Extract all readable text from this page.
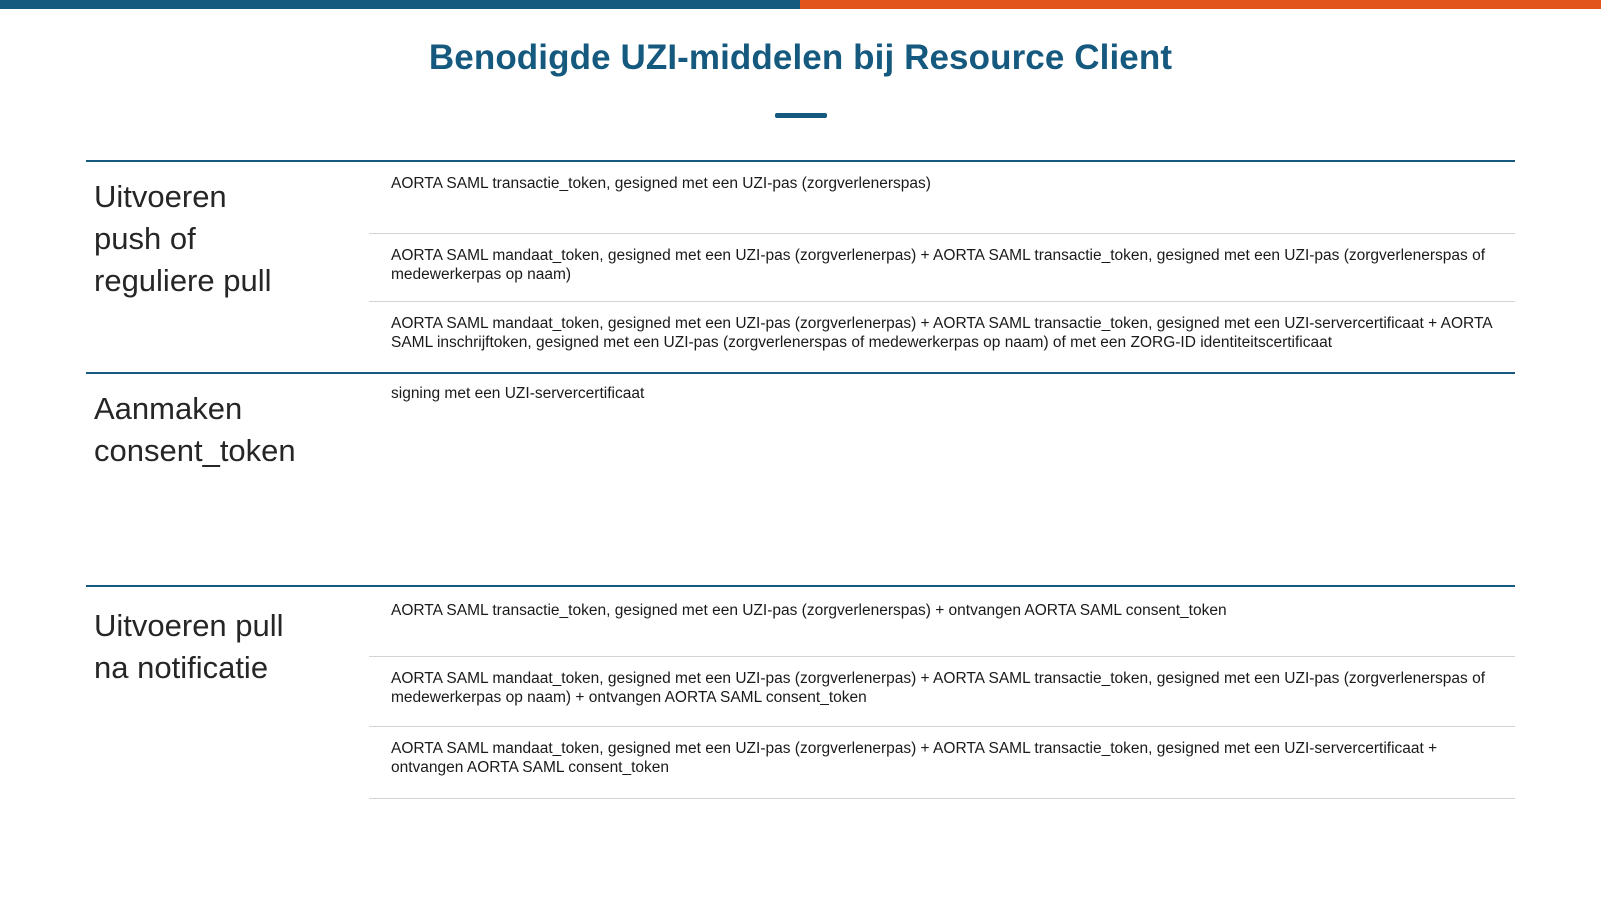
Benodigde UZI-middelen bij Resource Client
Uitvoeren
push of
reguliere pull
AORTA SAML transactie_token, gesigned met een UZI-pas (zorgverlenerspas)
AORTA SAML mandaat_token, gesigned met een UZI-pas (zorgverlenerpas) + AORTA SAML transactie_token, gesigned met een UZI-pas (zorgverlenerspas of medewerkerpas op naam)
AORTA SAML mandaat_token, gesigned met een UZI-pas (zorgverlenerpas) + AORTA SAML transactie_token, gesigned met een UZI-servercertificaat + AORTA SAML inschrijftoken, gesigned met een UZI-pas (zorgverlenerspas of medewerkerpas op naam) of met een ZORG-ID identiteitscertificaat
Aanmaken
consent_token
signing met een UZI-servercertificaat
Uitvoeren pull
na notificatie
AORTA SAML transactie_token, gesigned met een UZI-pas (zorgverlenerspas) + ontvangen AORTA SAML consent_token
AORTA SAML mandaat_token, gesigned met een UZI-pas (zorgverlenerpas) + AORTA SAML transactie_token, gesigned met een UZI-pas (zorgverlenerspas of medewerkerpas op naam) + ontvangen AORTA SAML consent_token
AORTA SAML mandaat_token, gesigned met een UZI-pas (zorgverlenerpas) + AORTA SAML transactie_token, gesigned met een UZI-servercertificaat + ontvangen AORTA SAML consent_token
